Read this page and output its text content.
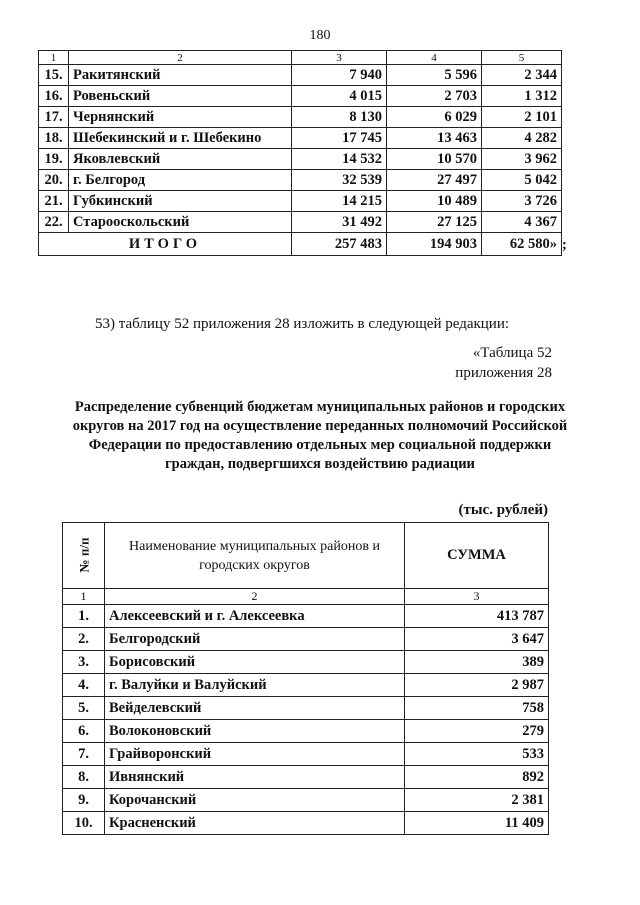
180
1	2	3	4	5
15.	Ракитянский	7 940	5 596	2 344
16.	Ровеньский	4 015	2 703	1 312
17.	Чернянский	8 130	6 029	2 101
18.	Шебекинский и г. Шебекино	17 745	13 463	4 282
19.	Яковлевский	14 532	10 570	3 962
20.	г. Белгород	32 539	27 497	5 042
21.	Губкинский	14 215	10 489	3 726
22.	Старооскольский	31 492	27 125	4 367
ИТОГО		257 483	194 903	62 580» ;
53) таблицу 52 приложения 28 изложить в следующей редакции:
«Таблица 52
приложения 28
Распределение субвенций бюджетам муниципальных районов и городских округов на 2017 год на осуществление переданных полномочий Российской Федерации по предоставлению отдельных мер социальной поддержки граждан, подвергшихся воздействию радиации
(тыс. рублей)
№ п/п	Наименование муниципальных районов и городских округов	СУММА
1	2	3
1.	Алексеевский и г. Алексеевка	413 787
2.	Белгородский	3 647
3.	Борисовский	389
4.	г. Валуйки и Валуйский	2 987
5.	Вейделевский	758
6.	Волоконовский	279
7.	Грайворонский	533
8.	Ивнянский	892
9.	Корочанский	2 381
10.	Красненский	11 409
